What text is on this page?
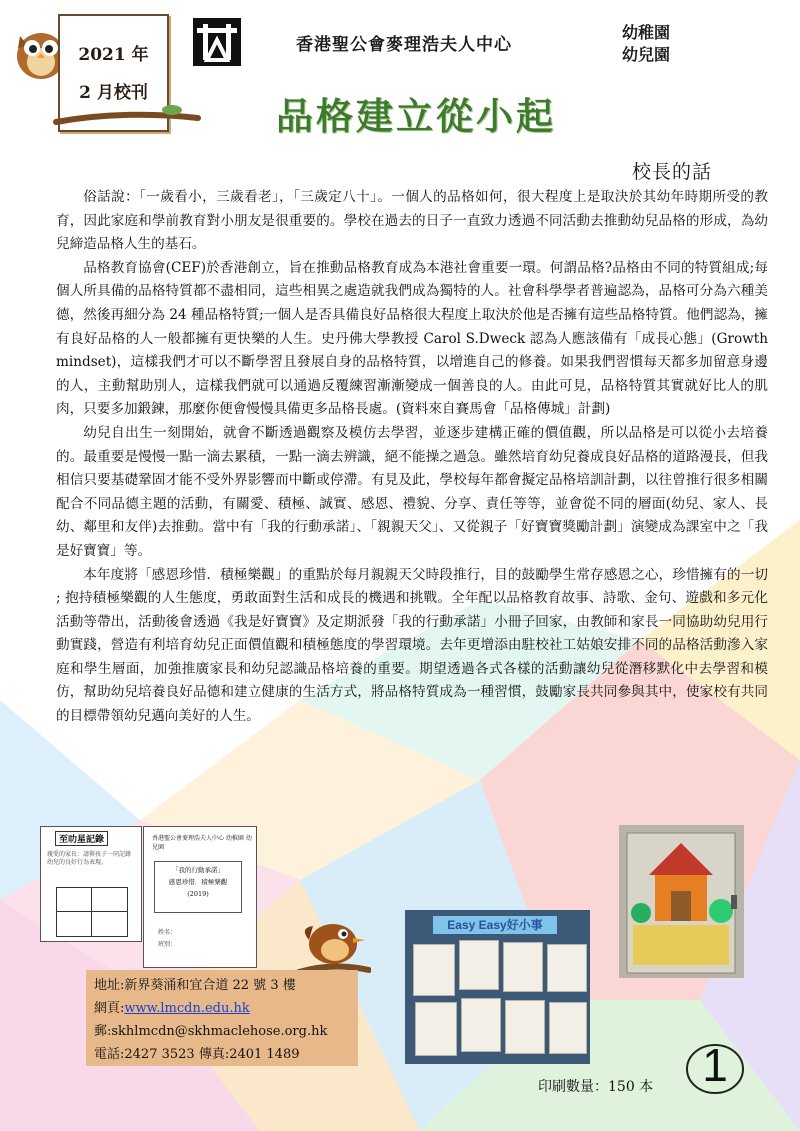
2021 年
2 月校刊
香港聖公會麥理浩夫人中心
幼稚園
幼兒園
品格建立從小起
校長的話

俗話說：「一歲看小，三歲看老」，「三歲定八十」。一個人的品格如何，很大程度上是取決於其幼年時期所受的教育，因此家庭和學前教育對小朋友是很重要的。學校在過去的日子一直致力透過不同活動去推動幼兒品格的形成，為幼兒締造品格人生的基石。

品格教育協會(CEF)於香港創立，旨在推動品格教育成為本港社會重要一環。何謂品格?品格由不同的特質組成;每個人所具備的品格特質都不盡相同，這些相異之處造就我們成為獨特的人。社會科學學者普遍認為，品格可分為六種美德，然後再細分為 24 種品格特質;一個人是否具備良好品格很大程度上取決於他是否擁有這些品格特質。他們認為，擁有良好品格的人一般都擁有更快樂的人生。史丹佛大學教授 Carol S.Dweck 認為人應該備有「成長心態」(Growth mindset)，這樣我們才可以不斷學習且發展自身的品格特質，以增進自己的修養。如果我們習慣每天都多加留意身邊的人，主動幫助別人，這樣我們就可以通過反覆練習漸漸變成一個善良的人。由此可見，品格特質其實就好比人的肌肉，只要多加鍛鍊，那麼你便會慢慢具備更多品格長處。(資料來自賽馬會「品格傳城」計劃)

幼兒自出生一刻開始，就會不斷透過觀察及模仿去學習，並逐步建構正確的價值觀，所以品格是可以從小去培養的。最重要是慢慢一點一滴去累積，一點一滴去辨識，絕不能操之過急。雖然培育幼兒養成良好品格的道路漫長，但我相信只要基礎鞏固才能不受外界影響而中斷或停滯。有見及此，學校每年都會擬定品格培訓計劃，以往曾推行很多相關配合不同品德主題的活動，有關愛、積極、誠實、感恩、禮貌、分享、責任等等，並會從不同的層面(幼兒、家人、長幼、鄰里和友伴)去推動。當中有「我的行動承諾」、「親親天父」、又從親子「好寶寶獎勵計劃」演變成為課室中之「我是好寶寶」等。

本年度將「感恩珍惜．積極樂觀」的重點於每月親親天父時段推行，目的鼓勵學生常存感恩之心，珍惜擁有的一切 ; 抱持積極樂觀的人生態度，勇敢面對生活和成長的機遇和挑戰。全年配以品格教育故事、詩歌、金句、遊戲和多元化活動等帶出，活動後會透過《我是好寶寶》及定期派發「我的行動承諾」小冊子回家，由教師和家長一同協助幼兒用行動實踐，營造有利培育幼兒正面價值觀和積極態度的學習環境。去年更增添由駐校社工姑娘安排不同的品格活動滲入家庭和學生層面，加強推廣家長和幼兒認識品格培養的重要。期望透過各式各樣的活動讓幼兒從潛移默化中去學習和模仿，幫助幼兒培養良好品德和建立健康的生活方式，將品格特質成為一種習慣，鼓勵家長共同參與其中，使家校有共同的目標帶領幼兒邁向美好的人生。

至叻星記錄
親愛的家長：請與孩子一同記錄幼兒的良好行為表現。
香港聖公會麥理浩夫人中心 幼稚園 幼兒園
「我的行動承諾」
感恩珍惜．積極樂觀
(2019)
姓名：
班別：
Easy Easy好小事
地址:新界葵涌和宜合道 22 號 3 樓
網頁:www.lmcdn.edu.hk
郵:skhlmcdn@skhmaclehose.org.hk
電話:2427 3523 傳真:2401 1489
印刷數量：150 本	1
